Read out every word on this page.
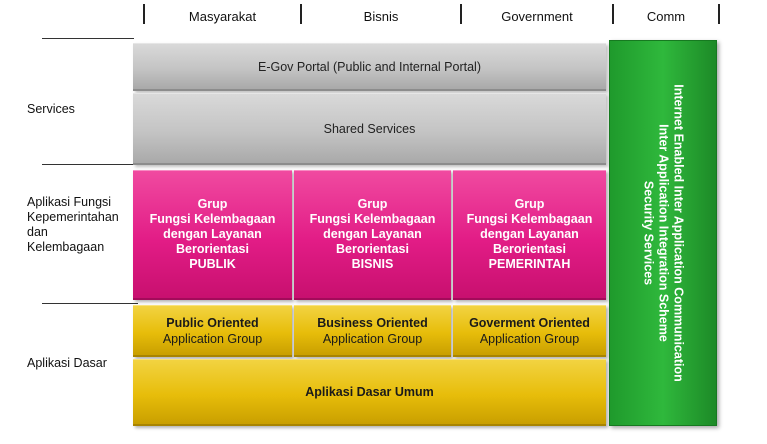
Masyarakat	Bisnis	Government	Comm
Services
Aplikasi Fungsi
Kepemerintahan
dan
Kelembagaan
Aplikasi Dasar
E-Gov Portal (Public and Internal Portal)
Shared Services
Grup
Fungsi Kelembagaan
dengan Layanan
Berorientasi
PUBLIK
Grup
Fungsi Kelembagaan
dengan Layanan
Berorientasi
BISNIS
Grup
Fungsi Kelembagaan
dengan Layanan
Berorientasi
PEMERINTAH
Public Oriented
Application Group
Business Oriented
Application Group
Goverment Oriented
Application Group
Aplikasi Dasar Umum
Internet Enabled Inter Application Communication
Inter Application Integration Scheme
Security Services
